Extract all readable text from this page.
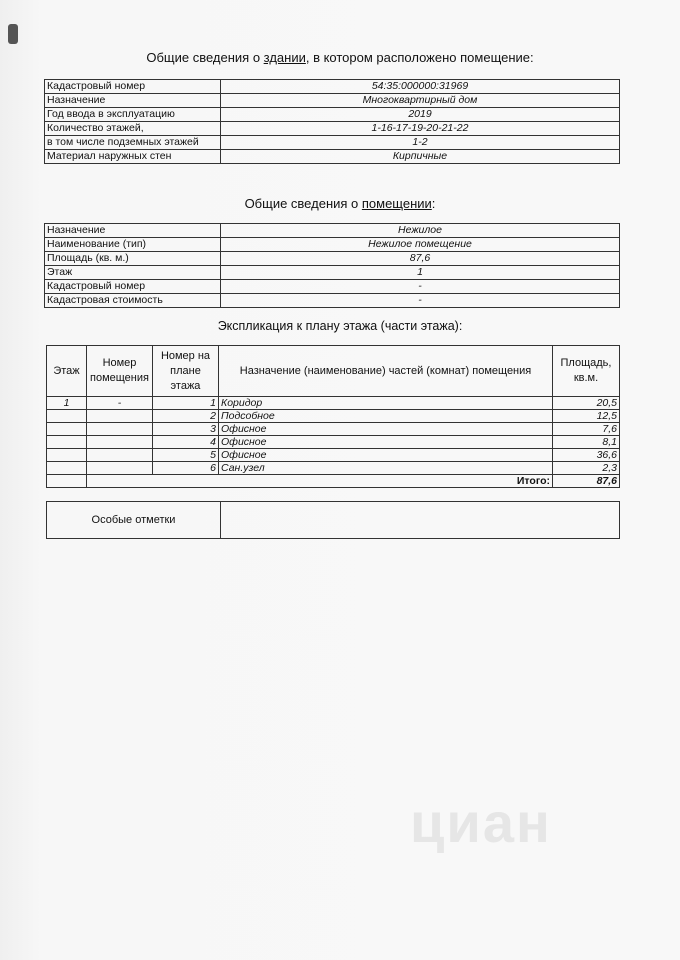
циан
Общие сведения о здании, в котором расположено помещение:
Кадастровый номер	54:35:000000:31969
Назначение	Многоквартирный дом
Год ввода в эксплуатацию	2019
Количество этажей,	1-16-17-19-20-21-22
в том числе подземных этажей	1-2
Материал наружных стен	Кирпичные
Общие сведения о помещении:
Назначение	Нежилое
Наименование (тип)	Нежилое помещение
Площадь (кв. м.)	87,6
Этаж	1
Кадастровый номер	-
Кадастровая стоимость	-
Экспликация к плану этажа (части этажа):
Этаж	Номер помещения	Номер на плане этажа	Назначение (наименование) частей (комнат) помещения	Площадь, кв.м.
1	-	1	Коридор	20,5
		2	Подсобное	12,5
		3	Офисное	7,6
		4	Офисное	8,1
		5	Офисное	36,6
		6	Сан.узел	2,3
	Итого:			87,6
Особые отметки	
